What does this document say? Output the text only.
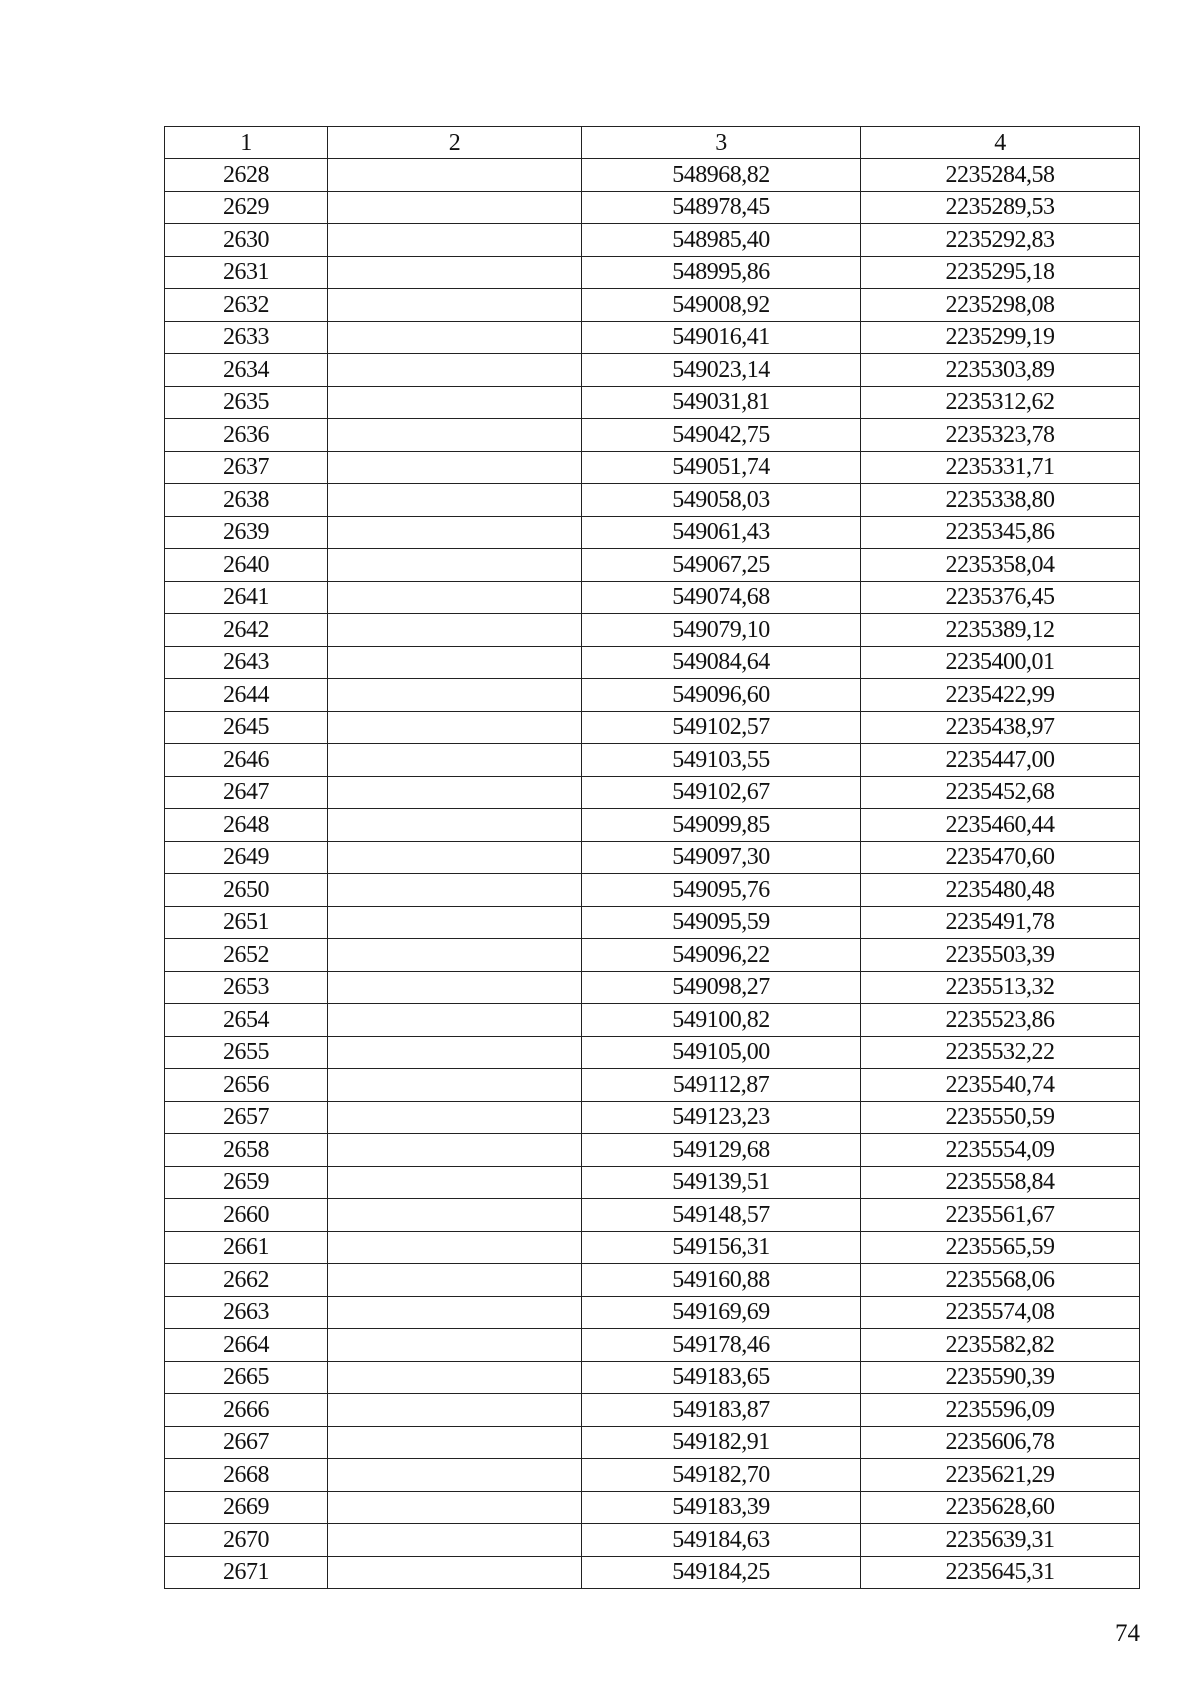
1	2	3	4
2628		548968,82	2235284,58
2629		548978,45	2235289,53
2630		548985,40	2235292,83
2631		548995,86	2235295,18
2632		549008,92	2235298,08
2633		549016,41	2235299,19
2634		549023,14	2235303,89
2635		549031,81	2235312,62
2636		549042,75	2235323,78
2637		549051,74	2235331,71
2638		549058,03	2235338,80
2639		549061,43	2235345,86
2640		549067,25	2235358,04
2641		549074,68	2235376,45
2642		549079,10	2235389,12
2643		549084,64	2235400,01
2644		549096,60	2235422,99
2645		549102,57	2235438,97
2646		549103,55	2235447,00
2647		549102,67	2235452,68
2648		549099,85	2235460,44
2649		549097,30	2235470,60
2650		549095,76	2235480,48
2651		549095,59	2235491,78
2652		549096,22	2235503,39
2653		549098,27	2235513,32
2654		549100,82	2235523,86
2655		549105,00	2235532,22
2656		549112,87	2235540,74
2657		549123,23	2235550,59
2658		549129,68	2235554,09
2659		549139,51	2235558,84
2660		549148,57	2235561,67
2661		549156,31	2235565,59
2662		549160,88	2235568,06
2663		549169,69	2235574,08
2664		549178,46	2235582,82
2665		549183,65	2235590,39
2666		549183,87	2235596,09
2667		549182,91	2235606,78
2668		549182,70	2235621,29
2669		549183,39	2235628,60
2670		549184,63	2235639,31
2671		549184,25	2235645,31
74
